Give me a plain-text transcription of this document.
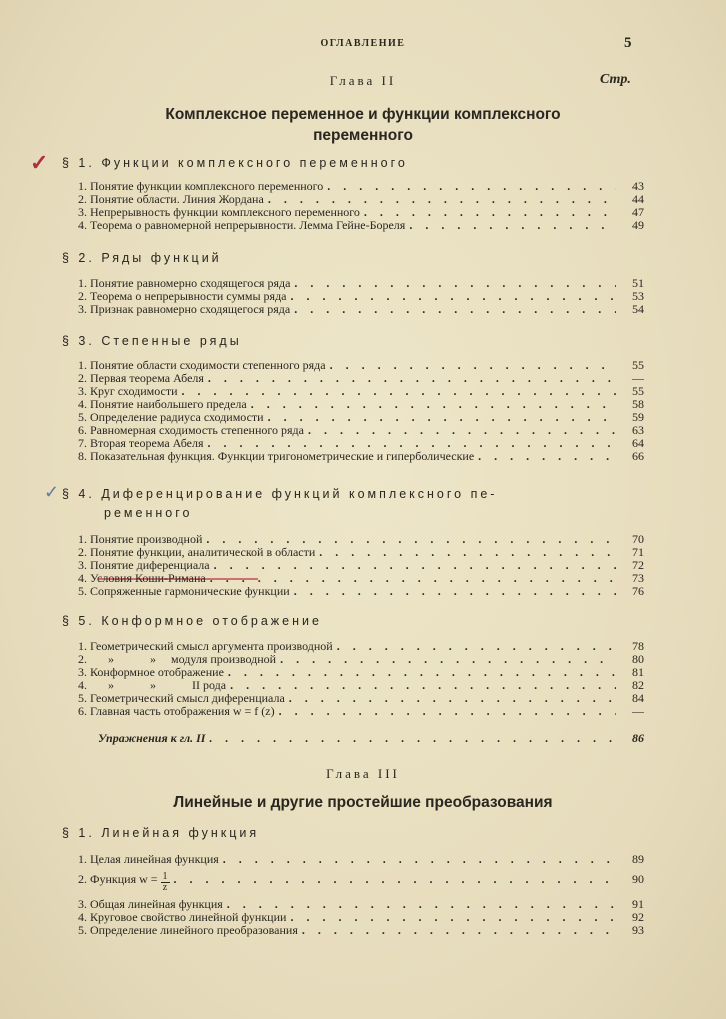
ОГЛАВЛЕНИЕ	5
Глава II	Стр.
Комплексное переменное и функции комплексного
переменного
Глава III
Линейные и другие простейшие преобразования
✓
✓
§ 1. Функции комплексного переменного
1. Понятие функции комплексного переменного . . .	43
2. Понятие области. Линия Жордана . . .	44
3. Непрерывность функции комплексного переменного . . .	47
4. Теорема о равномерной непрерывности. Лемма Гейне-Бореля . . .	49
§ 2. Ряды функций
1. Понятие равномерно сходящегося ряда . . .	51
2. Теорема о непрерывности суммы ряда . . .	53
3. Признак равномерно сходящегося ряда . . .	54
§ 3. Степенные ряды
1. Понятие области сходимости степенного ряда . . .	55
2. Первая теорема Абеля . . .	—
3. Круг сходимости . . .	55
4. Понятие наибольшего предела . . .	58
5. Определение радиуса сходимости . . .	59
6. Равномерная сходимость степенного ряда . . .	63
7. Вторая теорема Абеля . . .	64
8. Показательная функция. Функции тригонометрические и гиперболические . . .	66
§ 4. Диференцирование функций комплексного пе-
ременного
1. Понятие производной . . .	70
2. Понятие функции, аналитической в области . . .	71
3. Понятие диференциала . . .	72
4. Условия Коши-Римана . . .	73
5. Сопряженные гармонические функции . . .	76
§ 5. Конформное отображение
1. Геометрический смысл аргумента производной . . .	78
2. »            »     модуля производной . . .	80
3. Конформное отображение . . .	81
4. »            »            II рода . . .	82
5. Геометрический смысл диференциала . . .	84
6. Главная часть отображения w = f (z) . . .	—
Упражнения к гл. II . . .	86
§ 1. Линейная функция
1. Целая линейная функция . . .	89
2. Функция $w = \frac{1}{z}$ . . .	90
3. Общая линейная функция . . .	91
4. Круговое свойство линейной функции . . .	92
5. Определение линейного преобразования . . .	93
